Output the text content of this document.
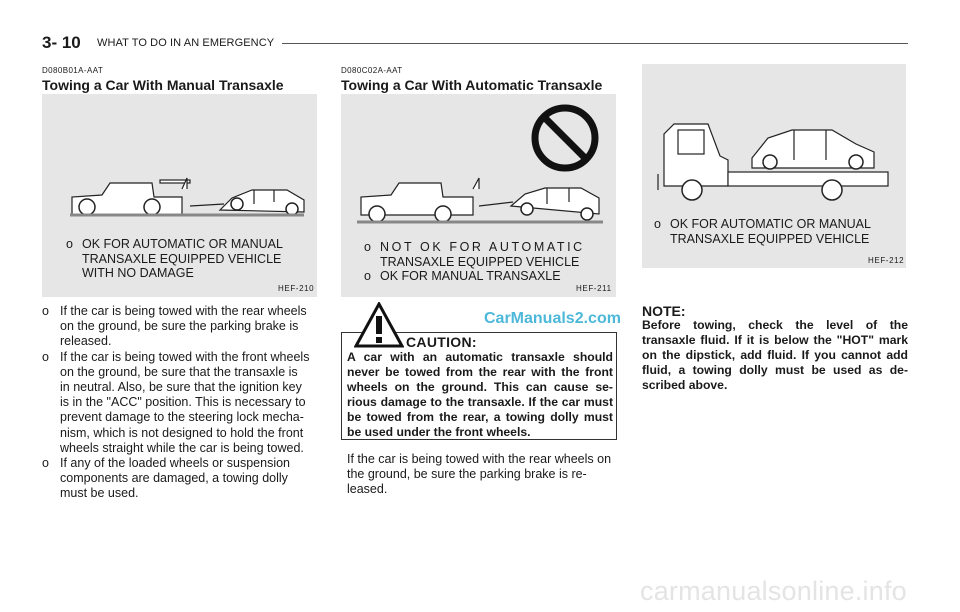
3- 10 WHAT TO DO IN AN EMERGENCY
D080B01A-AAT
Towing a Car With Manual Transaxle
o OK FOR AUTOMATIC OR MANUAL
TRANSAXLE EQUIPPED VEHICLE
WITH NO DAMAGE
HEF-210
o If the car is being towed with the rear wheels
on the ground, be sure the parking brake is
released.
o If the car is being towed with the front wheels
on the ground, be sure that the transaxle is
in neutral. Also, be sure that the ignition key
is in the "ACC" position. This is necessary to
prevent damage to the steering lock mecha-
nism, which is not designed to hold the front
wheels straight while the car is being towed.
o If any of the loaded wheels or suspension
components are damaged, a towing dolly
must be used.
D080C02A-AAT
Towing a Car With Automatic Transaxle
o NOT OK FOR AUTOMATIC
TRANSAXLE EQUIPPED VEHICLE
o OK FOR MANUAL TRANSAXLE
HEF-211
CarManuals2.com
CAUTION:
A car with an automatic transaxle should never be towed from the rear with the front wheels on the ground. This can cause se-rious damage to the transaxle. If the car must be towed from the rear, a towing dolly must be used under the front wheels.
If the car is being towed with the rear wheels on
the ground, be sure the parking brake is re-
leased.
o OK FOR AUTOMATIC OR MANUAL
TRANSAXLE EQUIPPED VEHICLE
HEF-212
NOTE:
Before towing, check the level of the transaxle fluid. If it is below the "HOT" mark on the dipstick, add fluid. If you cannot add fluid, a towing dolly must be used as de-scribed above.
carmanualsonline.info
